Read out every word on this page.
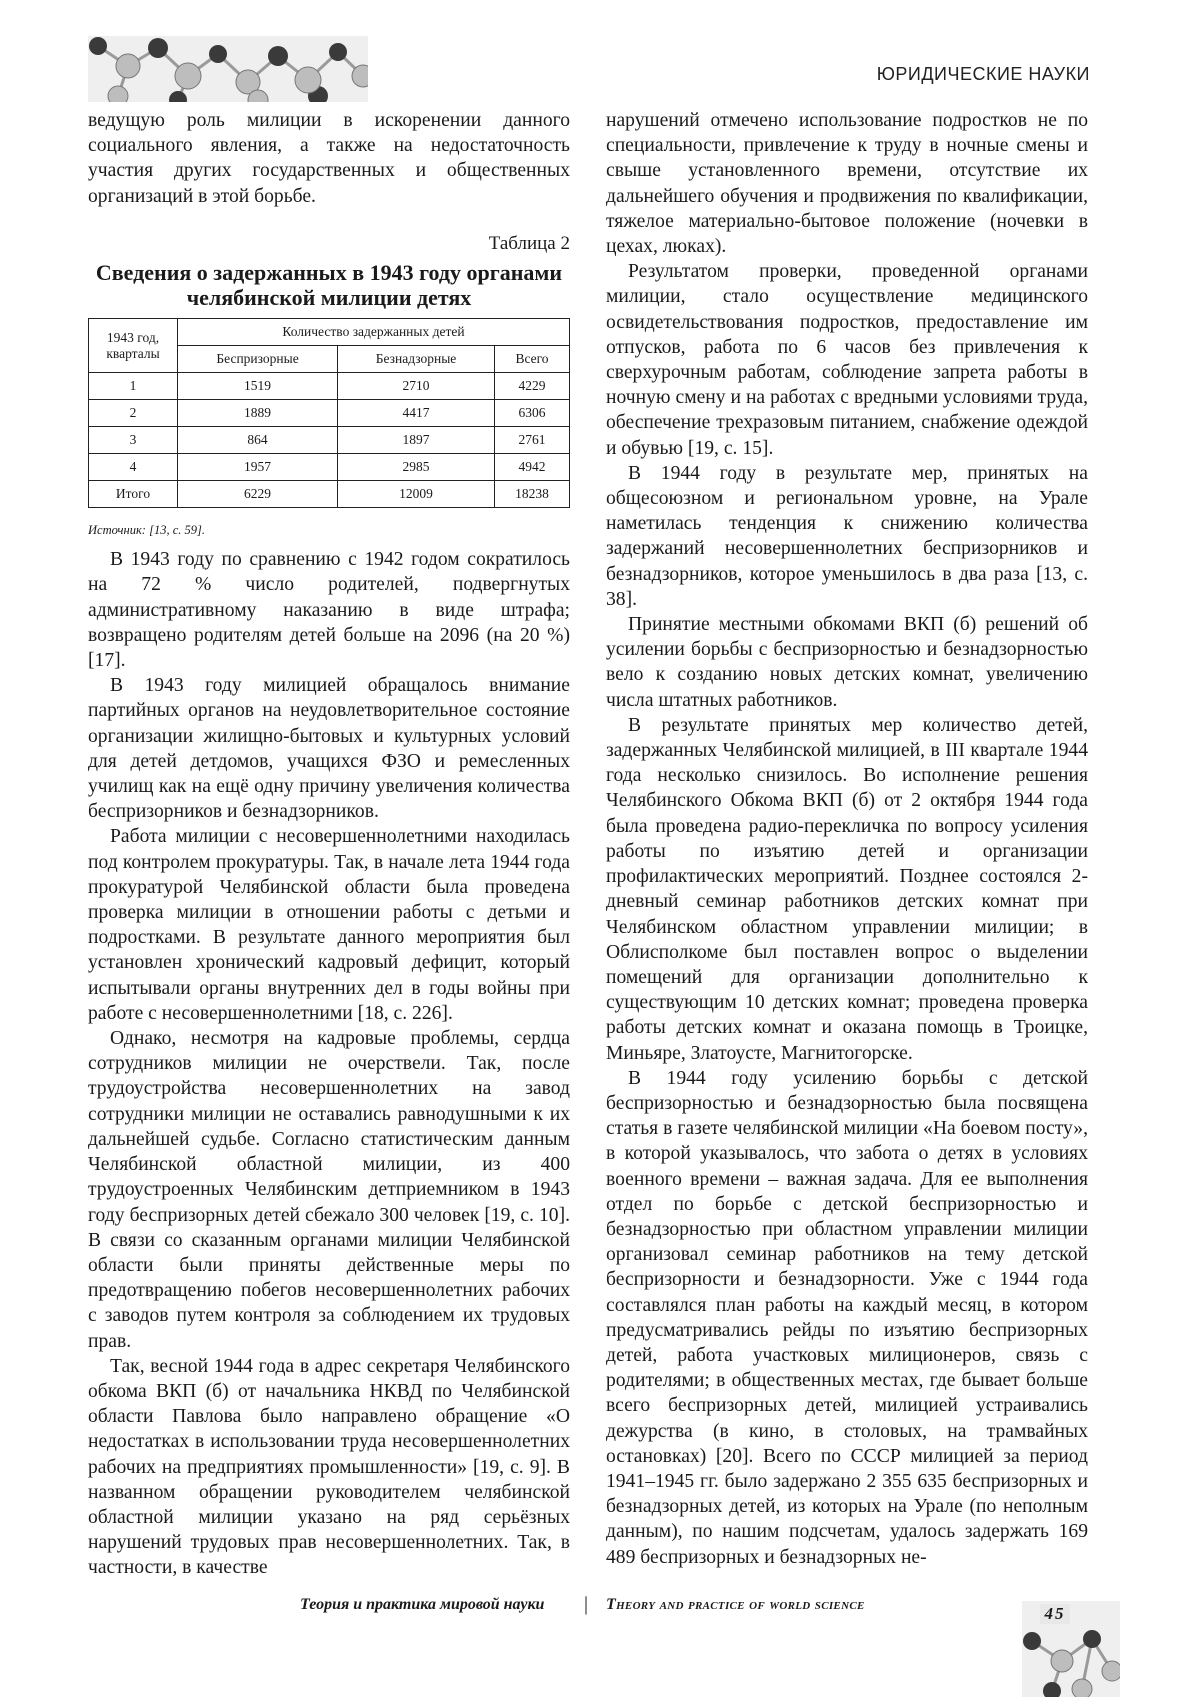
ЮРИДИЧЕСКИЕ НАУКИ

ведущую роль милиции в искоренении данного социального явления, а также на недостаточность участия других государственных и общественных организаций в этой борьбе.

Таблица 2
Сведения о задержанных в 1943 году органами челябинской милиции детях
1943 год, кварталы	Количество задержанных детей		
	Беспризорные	Безнадзорные	Всего
1	1519	2710	4229
2	1889	4417	6306
3	864	1897	2761
4	1957	2985	4942
Итого	6229	12009	18238
Источник: [13, с. 59].

В 1943 году по сравнению с 1942 годом сократилось на 72 % число родителей, подвергнутых административному наказанию в виде штрафа; возвращено родителям детей больше на 2096 (на 20 %) [17].

В 1943 году милицией обращалось внимание партийных органов на неудовлетворительное состояние организации жилищно-бытовых и культурных условий для детей детдомов, учащихся ФЗО и ремесленных училищ как на ещё одну причину увеличения количества беспризорников и безнадзорников.

Работа милиции с несовершеннолетними находилась под контролем прокуратуры. Так, в начале лета 1944 года прокуратурой Челябинской области была проведена проверка милиции в отношении работы с детьми и подростками. В результате данного мероприятия был установлен хронический кадровый дефицит, который испытывали органы внутренних дел в годы войны при работе с несовершеннолетними [18, с. 226].

Однако, несмотря на кадровые проблемы, сердца сотрудников милиции не очерствели. Так, после трудоустройства несовершеннолетних на завод сотрудники милиции не оставались равнодушными к их дальнейшей судьбе. Согласно статистическим данным Челябинской областной милиции, из 400 трудоустроенных Челябинским детприемником в 1943 году беспризорных детей сбежало 300 человек [19, с. 10]. В связи со сказанным органами милиции Челябинской области были приняты действенные меры по предотвращению побегов несовершеннолетних рабочих с заводов путем контроля за соблюдением их трудовых прав.

Так, весной 1944 года в адрес секретаря Челябинского обкома ВКП (б) от начальника НКВД по Челябинской области Павлова было направлено обращение «О недостатках в использовании труда несовершеннолетних рабочих на предприятиях промышленности» [19, с. 9]. В названном обращении руководителем челябинской областной милиции указано на ряд серьёзных нарушений трудовых прав несовершеннолетних. Так, в частности, в качестве

нарушений отмечено использование подростков не по специальности, привлечение к труду в ночные смены и свыше установленного времени, отсутствие их дальнейшего обучения и продвижения по квалификации, тяжелое материально-бытовое положение (ночевки в цехах, люках).

Результатом проверки, проведенной органами милиции, стало осуществление медицинского освидетельствования подростков, предоставление им отпусков, работа по 6 часов без привлечения к сверхурочным работам, соблюдение запрета работы в ночную смену и на работах с вредными условиями труда, обеспечение трехразовым питанием, снабжение одеждой и обувью [19, с. 15].

В 1944 году в результате мер, принятых на общесоюзном и региональном уровне, на Урале наметилась тенденция к снижению количества задержаний несовершеннолетних беспризорников и безнадзорников, которое уменьшилось в два раза [13, с. 38].

Принятие местными обкомами ВКП (б) решений об усилении борьбы с беспризорностью и безнадзорностью вело к созданию новых детских комнат, увеличению числа штатных работников.

В результате принятых мер количество детей, задержанных Челябинской милицией, в III квартале 1944 года несколько снизилось. Во исполнение решения Челябинского Обкома ВКП (б) от 2 октября 1944 года была проведена радио-перекличка по вопросу усиления работы по изъятию детей и организации профилактических мероприятий. Позднее состоялся 2-дневный семинар работников детских комнат при Челябинском областном управлении милиции; в Облисполкоме был поставлен вопрос о выделении помещений для организации дополнительно к существующим 10 детских комнат; проведена проверка работы детских комнат и оказана помощь в Троицке, Миньяре, Златоусте, Магнитогорске.

В 1944 году усилению борьбы с детской беспризорностью и безнадзорностью была посвящена статья в газете челябинской милиции «На боевом посту», в которой указывалось, что забота о детях в условиях военного времени – важная задача. Для ее выполнения отдел по борьбе с детской беспризорностью и безнадзорностью при областном управлении милиции организовал семинар работников на тему детской беспризорности и безнадзорности. Уже с 1944 года составлялся план работы на каждый месяц, в котором предусматривались рейды по изъятию беспризорных детей, работа участковых милиционеров, связь с родителями; в общественных местах, где бывает больше всего беспризорных детей, милицией устраивались дежурства (в кино, в столовых, на трамвайных остановках) [20]. Всего по СССР милицией за период 1941–1945 гг. было задержано 2 355 635 беспризорных и безнадзорных детей, из которых на Урале (по неполным данным), по нашим подсчетам, удалось задержать 169 489 беспризорных и безнадзорных не-

Теория и практика мировой науки | Theory and practice of world science	45
